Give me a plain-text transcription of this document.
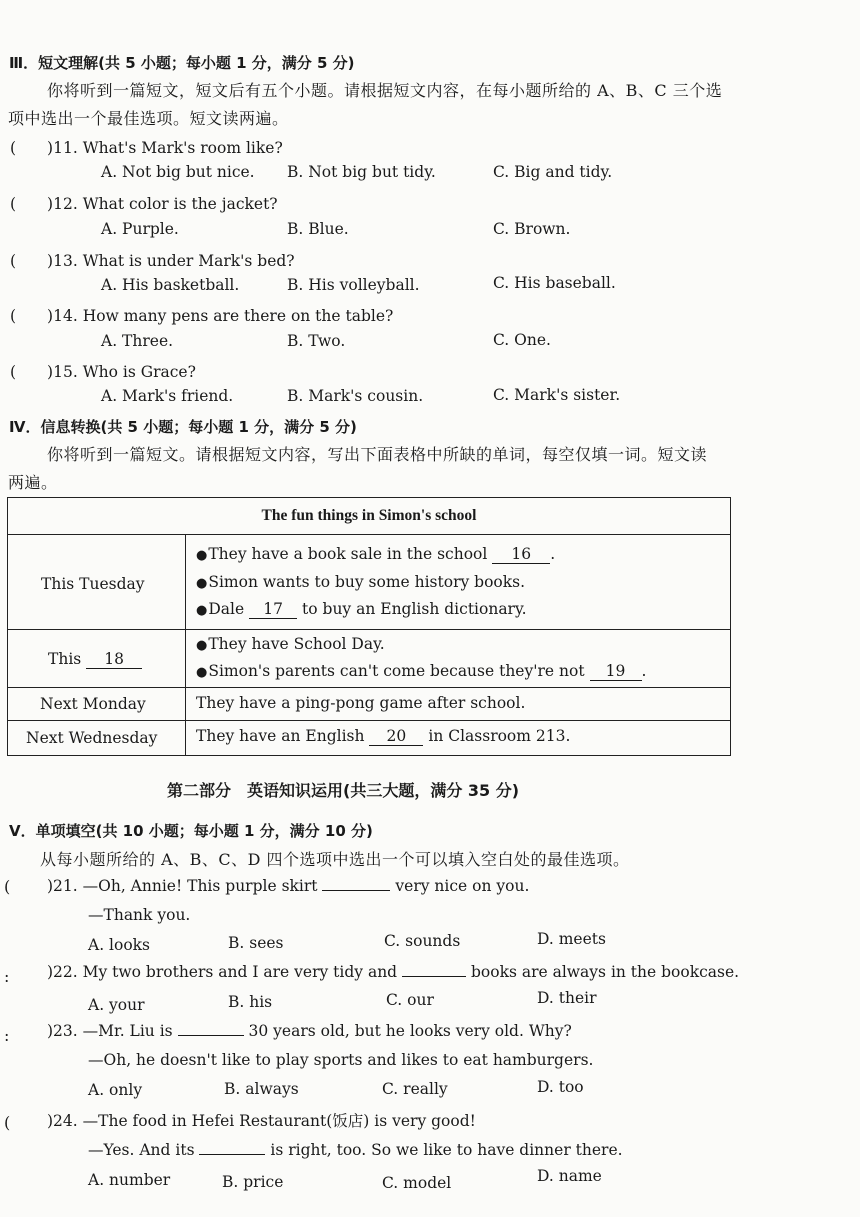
Ⅲ．短文理解(共 5 小题；每小题 1 分，满分 5 分)
你将听到一篇短文，短文后有五个小题。请根据短文内容，在每小题所给的 A、B、C 三个选
项中选出一个最佳选项。短文读两遍。
(　　)11. What's Mark's room like?
A. Not big but nice. B. Not big but tidy.	C. Big and tidy.
(　　)12. What color is the jacket?
A. Purple.	B. Blue.	C. Brown.
(　　)13. What is under Mark's bed?
A. His basketball.	B. His volleyball.	C. His baseball.
(　　)14. How many pens are there on the table?
A. Three.	B. Two.	C. One.
(　　)15. Who is Grace?
A. Mark's friend.	B. Mark's cousin.	C. Mark's sister.
Ⅳ．信息转换(共 5 小题；每小题 1 分，满分 5 分)
你将听到一篇短文。请根据短文内容，写出下面表格中所缺的单词，每空仅填一词。短文读
两遍。
The fun things in Simon's school
This Tuesday
●They have a book sale in the school 16 .
●Simon wants to buy some history books.
●Dale 17 to buy an English dictionary.
This 18
●They have School Day.
●Simon's parents can't come because they're not 19 .
Next Monday	They have a ping-pong game after school.
Next Wednesday They have an English 20 in Classroom 213.
第二部分　英语知识运用(共三大题，满分 35 分)
Ⅴ．单项填空(共 10 小题；每小题 1 分，满分 10 分)
从每小题所给的 A、B、C、D 四个选项中选出一个可以填入空白处的最佳选项。
( )21. —Oh, Annie! This purple skirt	very nice on you.
—Thank you.
A. looks	B. sees	C. sounds	D. meets
: )22. My two brothers and I are very tidy and	books are always in the bookcase.
A. your	B. his	C. our	D. their
: )23. —Mr. Liu is	30 years old, but he looks very old. Why?
—Oh, he doesn't like to play sports and likes to eat hamburgers.
A. only	B. always	C. really	D. too
( )24. —The food in Hefei Restaurant(饭店) is very good!
—Yes. And its	is right, too. So we like to have dinner there.
A. number	B. price	C. model	D. name
